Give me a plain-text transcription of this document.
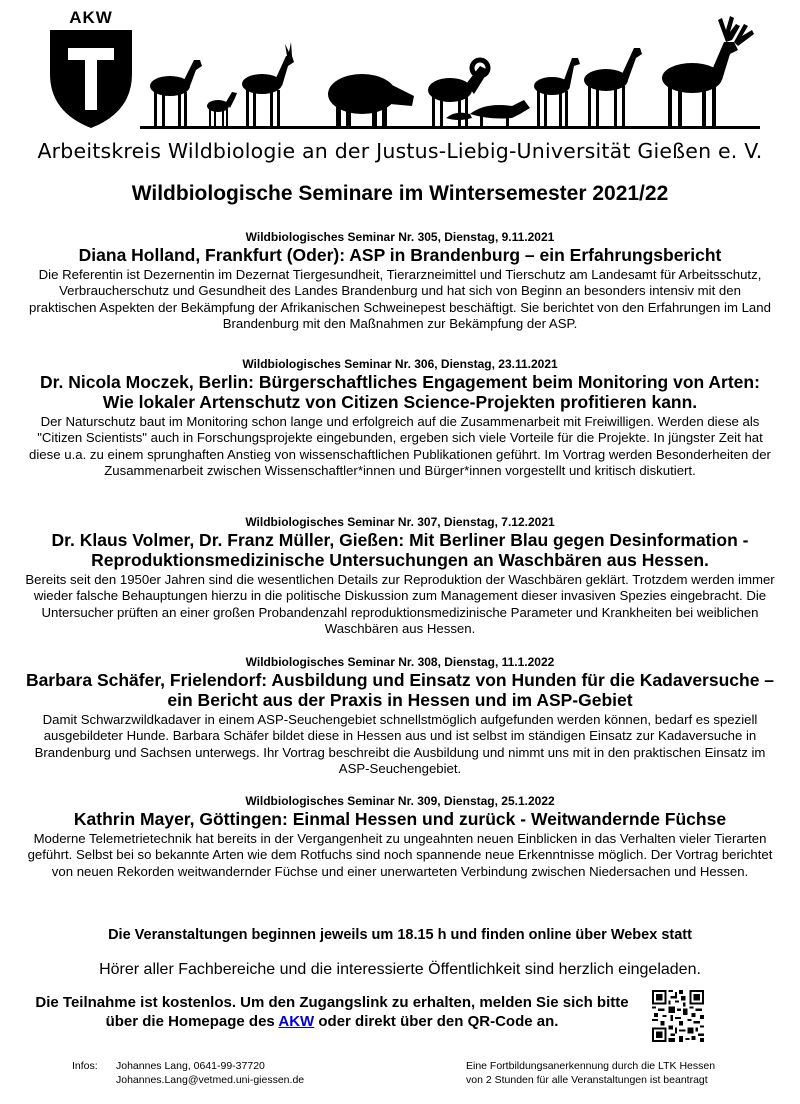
AKW
Arbeitskreis Wildbiologie an der Justus-Liebig-Universität Gießen e. V.
Wildbiologische Seminare im Wintersemester 2021/22
Wildbiologisches Seminar Nr. 305, Dienstag, 9.11.2021
Diana Holland, Frankfurt (Oder): ASP in Brandenburg – ein Erfahrungsbericht
Die Referentin ist Dezernentin im Dezernat Tiergesundheit, Tierarzneimittel und Tierschutz am Landesamt für Arbeitsschutz, Verbraucherschutz und Gesundheit des Landes Brandenburg und hat sich von Beginn an besonders intensiv mit den praktischen Aspekten der Bekämpfung der Afrikanischen Schweinepest beschäftigt. Sie berichtet von den Erfahrungen im Land Brandenburg mit den Maßnahmen zur Bekämpfung der ASP.
Wildbiologisches Seminar Nr. 306, Dienstag, 23.11.2021
Dr. Nicola Moczek, Berlin: Bürgerschaftliches Engagement beim Monitoring von Arten: Wie lokaler Artenschutz von Citizen Science-Projekten profitieren kann.
Der Naturschutz baut im Monitoring schon lange und erfolgreich auf die Zusammenarbeit mit Freiwilligen. Werden diese als "Citizen Scientists" auch in Forschungsprojekte eingebunden, ergeben sich viele Vorteile für die Projekte. In jüngster Zeit hat diese u.a. zu einem sprunghaften Anstieg von wissenschaftlichen Publikationen geführt. Im Vortrag werden Besonderheiten der Zusammenarbeit zwischen Wissenschaftler*innen und Bürger*innen vorgestellt und kritisch diskutiert.
Wildbiologisches Seminar Nr. 307, Dienstag, 7.12.2021
Dr. Klaus Volmer, Dr. Franz Müller, Gießen: Mit Berliner Blau gegen Desinformation - Reproduktionsmedizinische Untersuchungen an Waschbären aus Hessen.
Bereits seit den 1950er Jahren sind die wesentlichen Details zur Reproduktion der Waschbären geklärt. Trotzdem werden immer wieder falsche Behauptungen hierzu in die politische Diskussion zum Management dieser invasiven Spezies eingebracht. Die Untersucher prüften an einer großen Probandenzahl reproduktionsmedizinische Parameter und Krankheiten bei weiblichen Waschbären aus Hessen.
Wildbiologisches Seminar Nr. 308, Dienstag, 11.1.2022
Barbara Schäfer, Frielendorf: Ausbildung und Einsatz von Hunden für die Kadaversuche – ein Bericht aus der Praxis in Hessen und im ASP-Gebiet
Damit Schwarzwildkadaver in einem ASP-Seuchengebiet schnellstmöglich aufgefunden werden können, bedarf es speziell ausgebildeter Hunde. Barbara Schäfer bildet diese in Hessen aus und ist selbst im ständigen Einsatz zur Kadaversuche in Brandenburg und Sachsen unterwegs. Ihr Vortrag beschreibt die Ausbildung und nimmt uns mit in den praktischen Einsatz im ASP-Seuchengebiet.
Wildbiologisches Seminar Nr. 309, Dienstag, 25.1.2022
Kathrin Mayer, Göttingen: Einmal Hessen und zurück - Weitwandernde Füchse
Moderne Telemetrietechnik hat bereits in der Vergangenheit zu ungeahnten neuen Einblicken in das Verhalten vieler Tierarten geführt. Selbst bei so bekannte Arten wie dem Rotfuchs sind noch spannende neue Erkenntnisse möglich. Der Vortrag berichtet von neuen Rekorden weitwandernder Füchse und einer unerwarteten Verbindung zwischen Niedersachen und Hessen.
Die Veranstaltungen beginnen jeweils um 18.15 h und finden online über Webex statt
Hörer aller Fachbereiche und die interessierte Öffentlichkeit sind herzlich eingeladen.
Die Teilnahme ist kostenlos. Um den Zugangslink zu erhalten, melden Sie sich bitte über die Homepage des AKW oder direkt über den QR-Code an.
Infos: Johannes Lang, 0641-99-37720
Johannes.Lang@vetmed.uni-giessen.de
Eine Fortbildungsanerkennung durch die LTK Hessen
von 2 Stunden für alle Veranstaltungen ist beantragt
